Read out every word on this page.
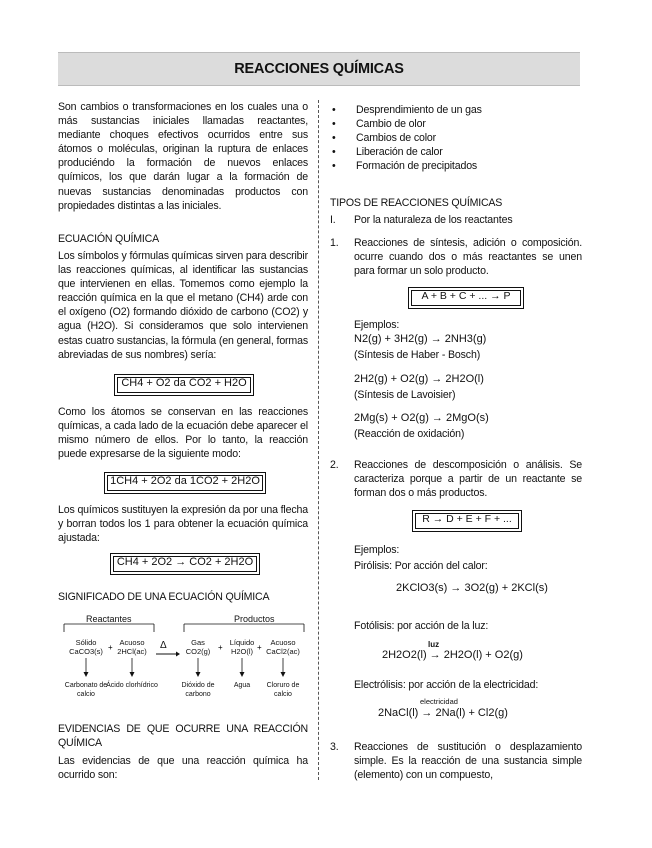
REACCIONES QUÍMICAS

Son cambios o transformaciones en los cuales una o más sustancias iniciales llamadas reactantes, mediante choques efectivos ocurridos entre sus átomos o moléculas, originan la ruptura de enlaces produciéndo la formación de nuevos enlaces químicos, los que darán lugar a la formación de nuevas sustancias denominadas productos con propiedades distintas a las iniciales.

ECUACIÓN QUÍMICA

Los símbolos y fórmulas químicas sirven para describir las reacciones químicas, al identificar las sustancias que intervienen en ellas. Tomemos como ejemplo la reacción química en la que el metano (CH4) arde con el oxígeno (O2) formando dióxido de carbono (CO2) y agua (H2O). Si consideramos que solo intervienen estas cuatro sustancias, la fórmula (en general, formas abreviadas de sus nombres) sería:

CH4 + O2 da CO2 + H2O

Como los átomos se conservan en las reacciones químicas, a cada lado de la ecuación debe aparecer el mismo número de ellos. Por lo tanto, la reacción puede expresarse de la siguiente modo:

1CH4 + 2O2 da 1CO2 + 2H2O

Los químicos sustituyen la expresión da por una flecha y borran todos los 1 para obtener la ecuación química ajustada:

CH4 + 2O2 → CO2 + 2H2O
SIGNIFICADO DE UNA ECUACIÓN QUÍMICA
Reactantes	Productos
Sólido
CaCO3(s)
Acuoso
2HCl(ac)
Δ	Gas
CO2(g)
Líquido
H2O(l)
Acuoso
CaCl2(ac)
+	+
+
Carbonato de calcio
Ácido clorhídrico	Dióxido de carbono
Agua	Cloruro de calcio
EVIDENCIAS DE QUE OCURRE UNA REACCIÓN QUÍMICA

Las evidencias de que una reacción química ha ocurrido son:

• Desprendimiento de un gas
• Cambio de olor
• Cambios de color
• Liberación de calor
• Formación de precipitados
TIPOS DE REACCIONES QUÍMICAS
I. Por la naturaleza de los reactantes
1. Reacciones de síntesis, adición o composición. ocurre cuando dos o más reactantes se unen para formar un solo producto.
A + B + C + ... → P
Ejemplos:
N2(g) + 3H2(g) → 2NH3(g)
(Síntesis de Haber - Bosch)
2H2(g) + O2(g) → 2H2O(l)
(Síntesis de Lavoisier)
2Mg(s) + O2(g) → 2MgO(s)
(Reacción de oxidación)
2. Reacciones de descomposición o análisis. Se caracteriza porque a partir de un reactante se forman dos o más productos.
R → D + E + F + ...
Ejemplos:
Pirólisis: Por acción del calor:
2KClO3(s) → 3O2(g) + 2KCl(s)
Fotólisis: por acción de la luz:
luz
2H2O2(l) → 2H2O(l) + O2(g)
Electrólisis: por acción de la electricidad:
electricidad
2NaCl(l) → 2Na(l) + Cl2(g)
3. Reacciones de sustitución o desplazamiento simple. Es la reacción de una sustancia simple (elemento) con un compuesto,
